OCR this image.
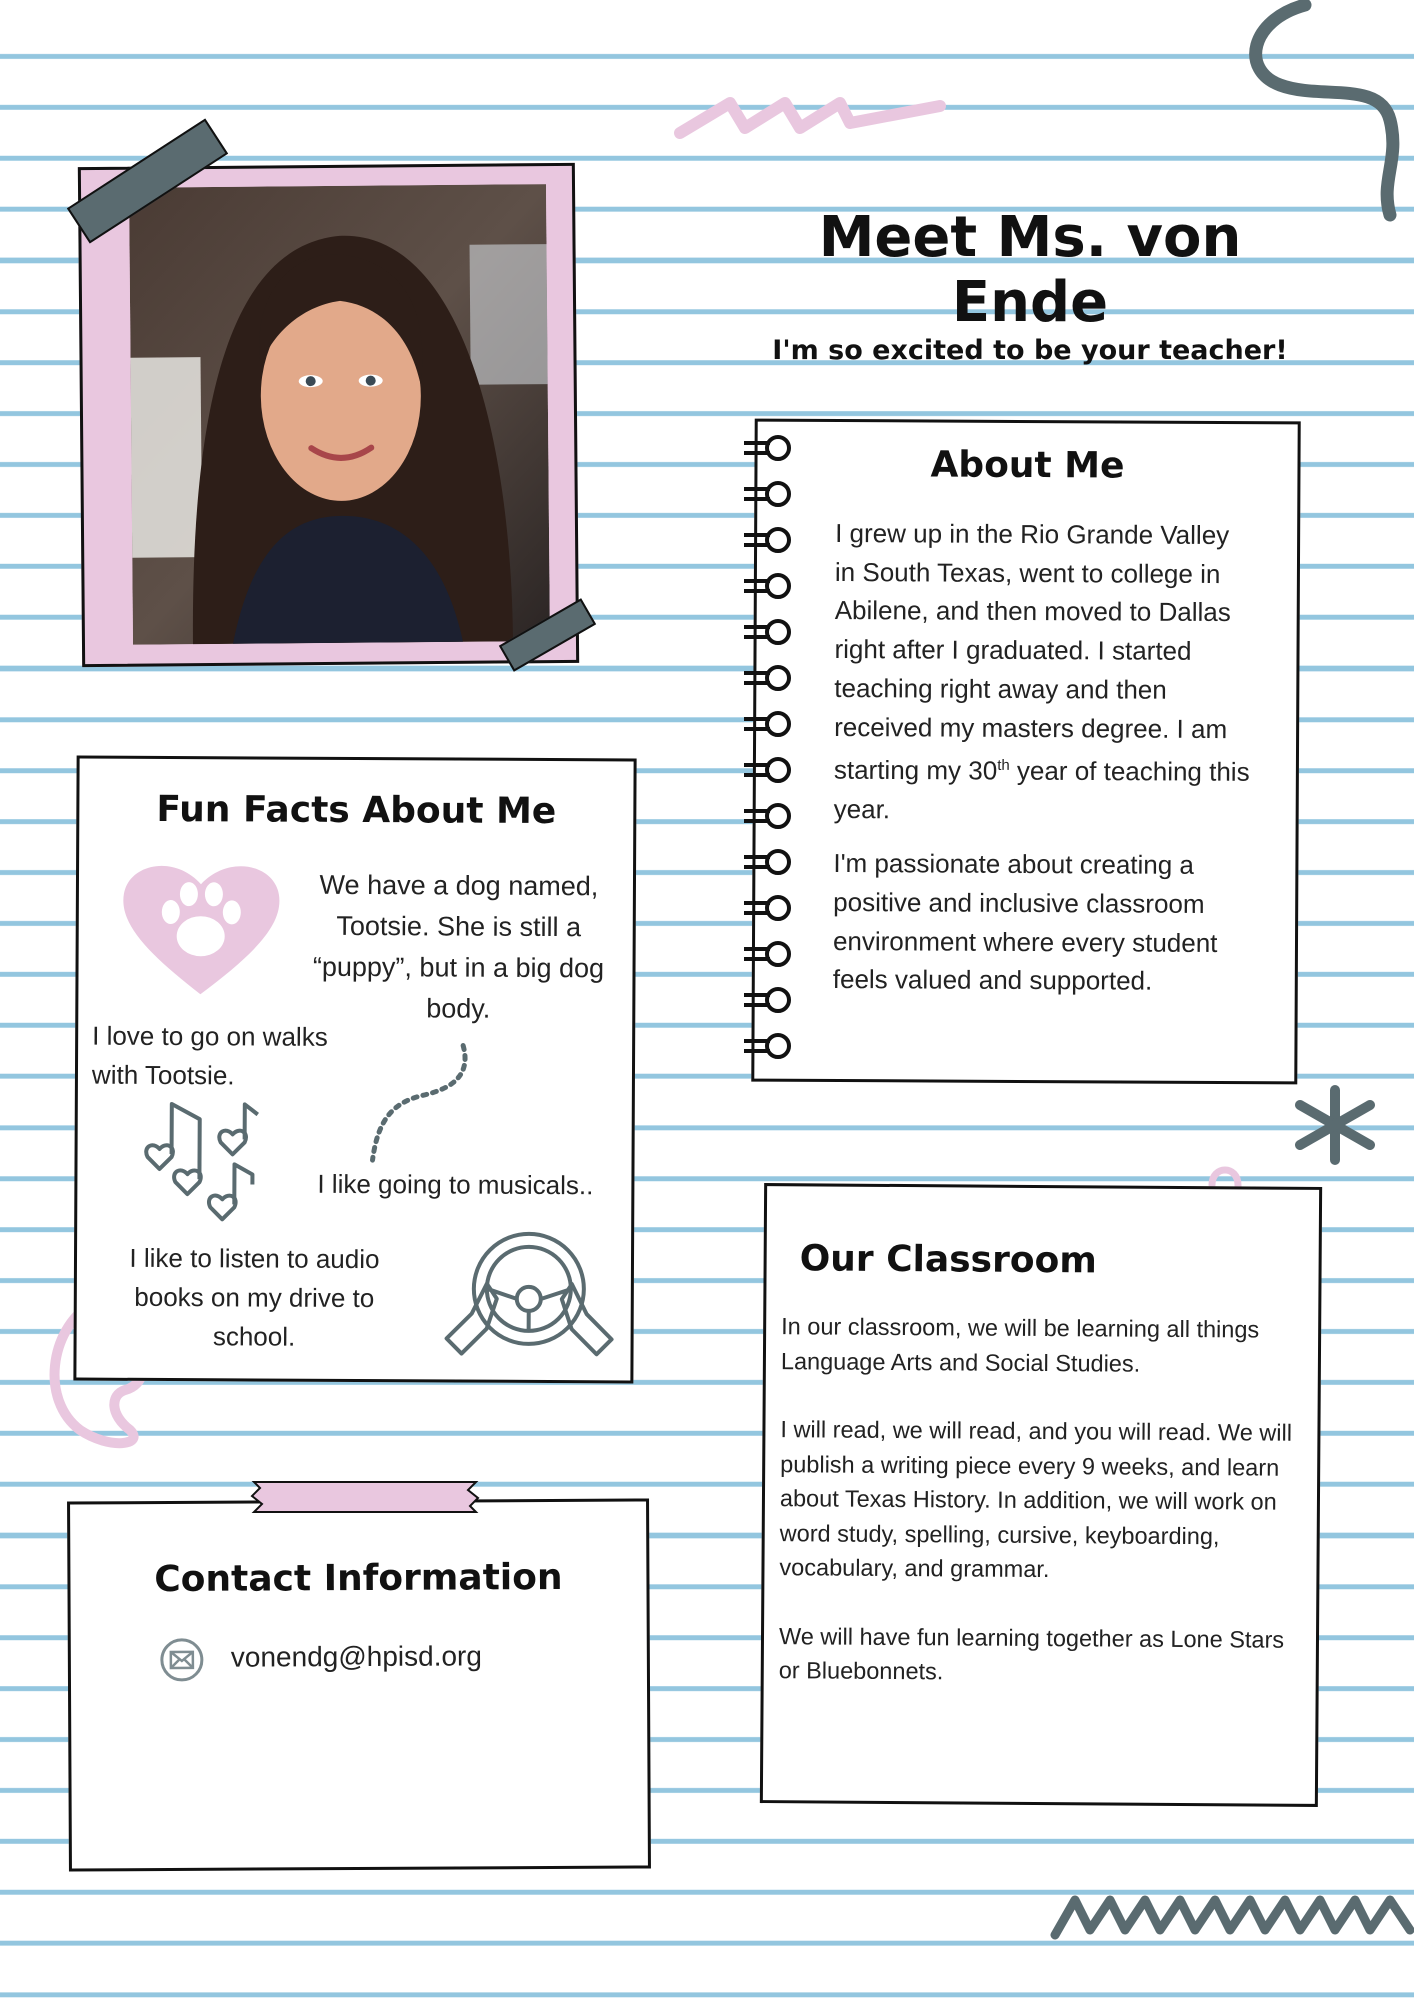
Meet Ms. von Ende
I'm so excited to be your teacher!
About Me

I grew up in the Rio Grande Valley in South Texas, went to college in Abilene, and then moved to Dallas right after I graduated. I started teaching right away and then received my masters degree. I am starting my 30th year of teaching this year.

I'm passionate about creating a positive and inclusive classroom environment where every student feels valued and supported.

Fun Facts About Me
We have a dog named, Tootsie. She is still a “puppy”, but in a big dog body.
I love to go on walks with Tootsie.
I like going to musicals..
I like to listen to audio books on my drive to school.
Our Classroom

In our classroom, we will be learning all things Language Arts and Social Studies.

I will read, we will read, and you will read. We will publish a writing piece every 9 weeks, and learn about Texas History. In addition, we will work on word study, spelling, cursive, keyboarding, vocabulary, and grammar.

We will have fun learning together as Lone Stars or Bluebonnets.

Contact Information
vonendg@hpisd.org
